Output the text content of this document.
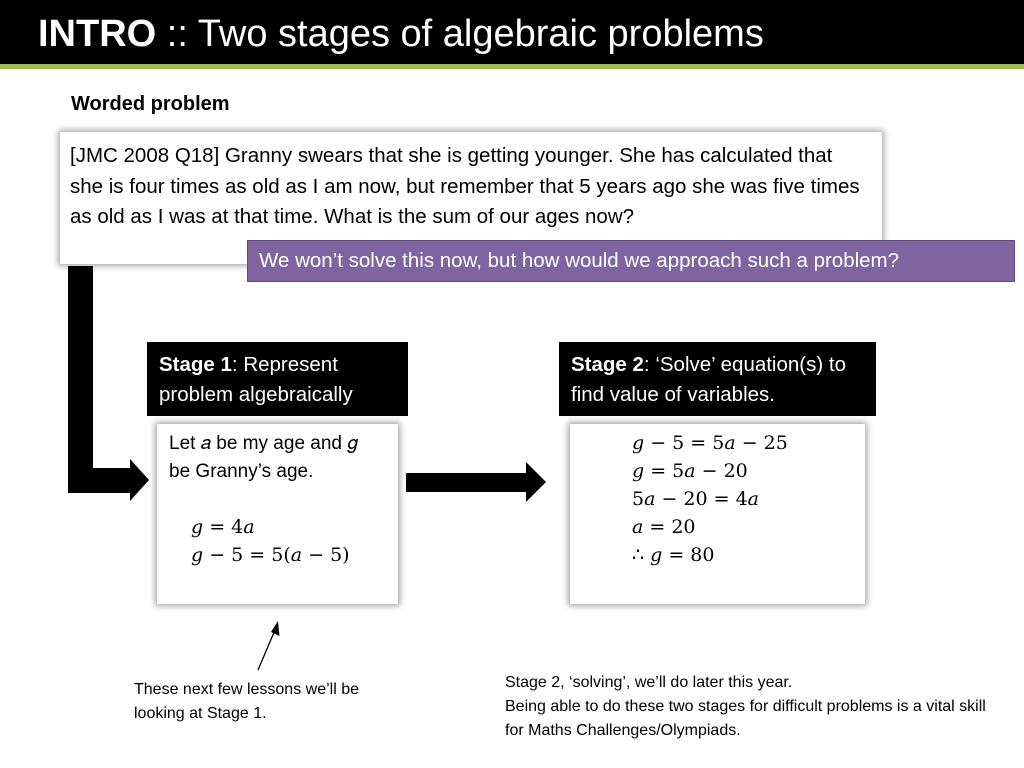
INTRO :: Two stages of algebraic problems
Worded problem
[JMC 2008 Q18] Granny swears that she is getting younger. She has calculated that she is four times as old as I am now, but remember that 5 years ago she was five times as old as I was at that time. What is the sum of our ages now?
We won’t solve this now, but how would we approach such a problem?
Stage 1: Represent problem algebraically
Stage 2: ‘Solve’ equation(s) to find value of variables.
Let 𝑎 be my age and 𝑔
be Granny’s age.
𝑔 = 4𝑎
𝑔 − 5 = 5(𝑎 − 5)
𝑔 − 5 = 5𝑎 − 25
𝑔 = 5𝑎 − 20
5𝑎 − 20 = 4𝑎
𝑎 = 20
∴ 𝑔 = 80
These next few lessons we’ll be looking at Stage 1.
Stage 2, ‘solving’, we’ll do later this year.
Being able to do these two stages for difficult problems is a vital skill for Maths Challenges/Olympiads.
